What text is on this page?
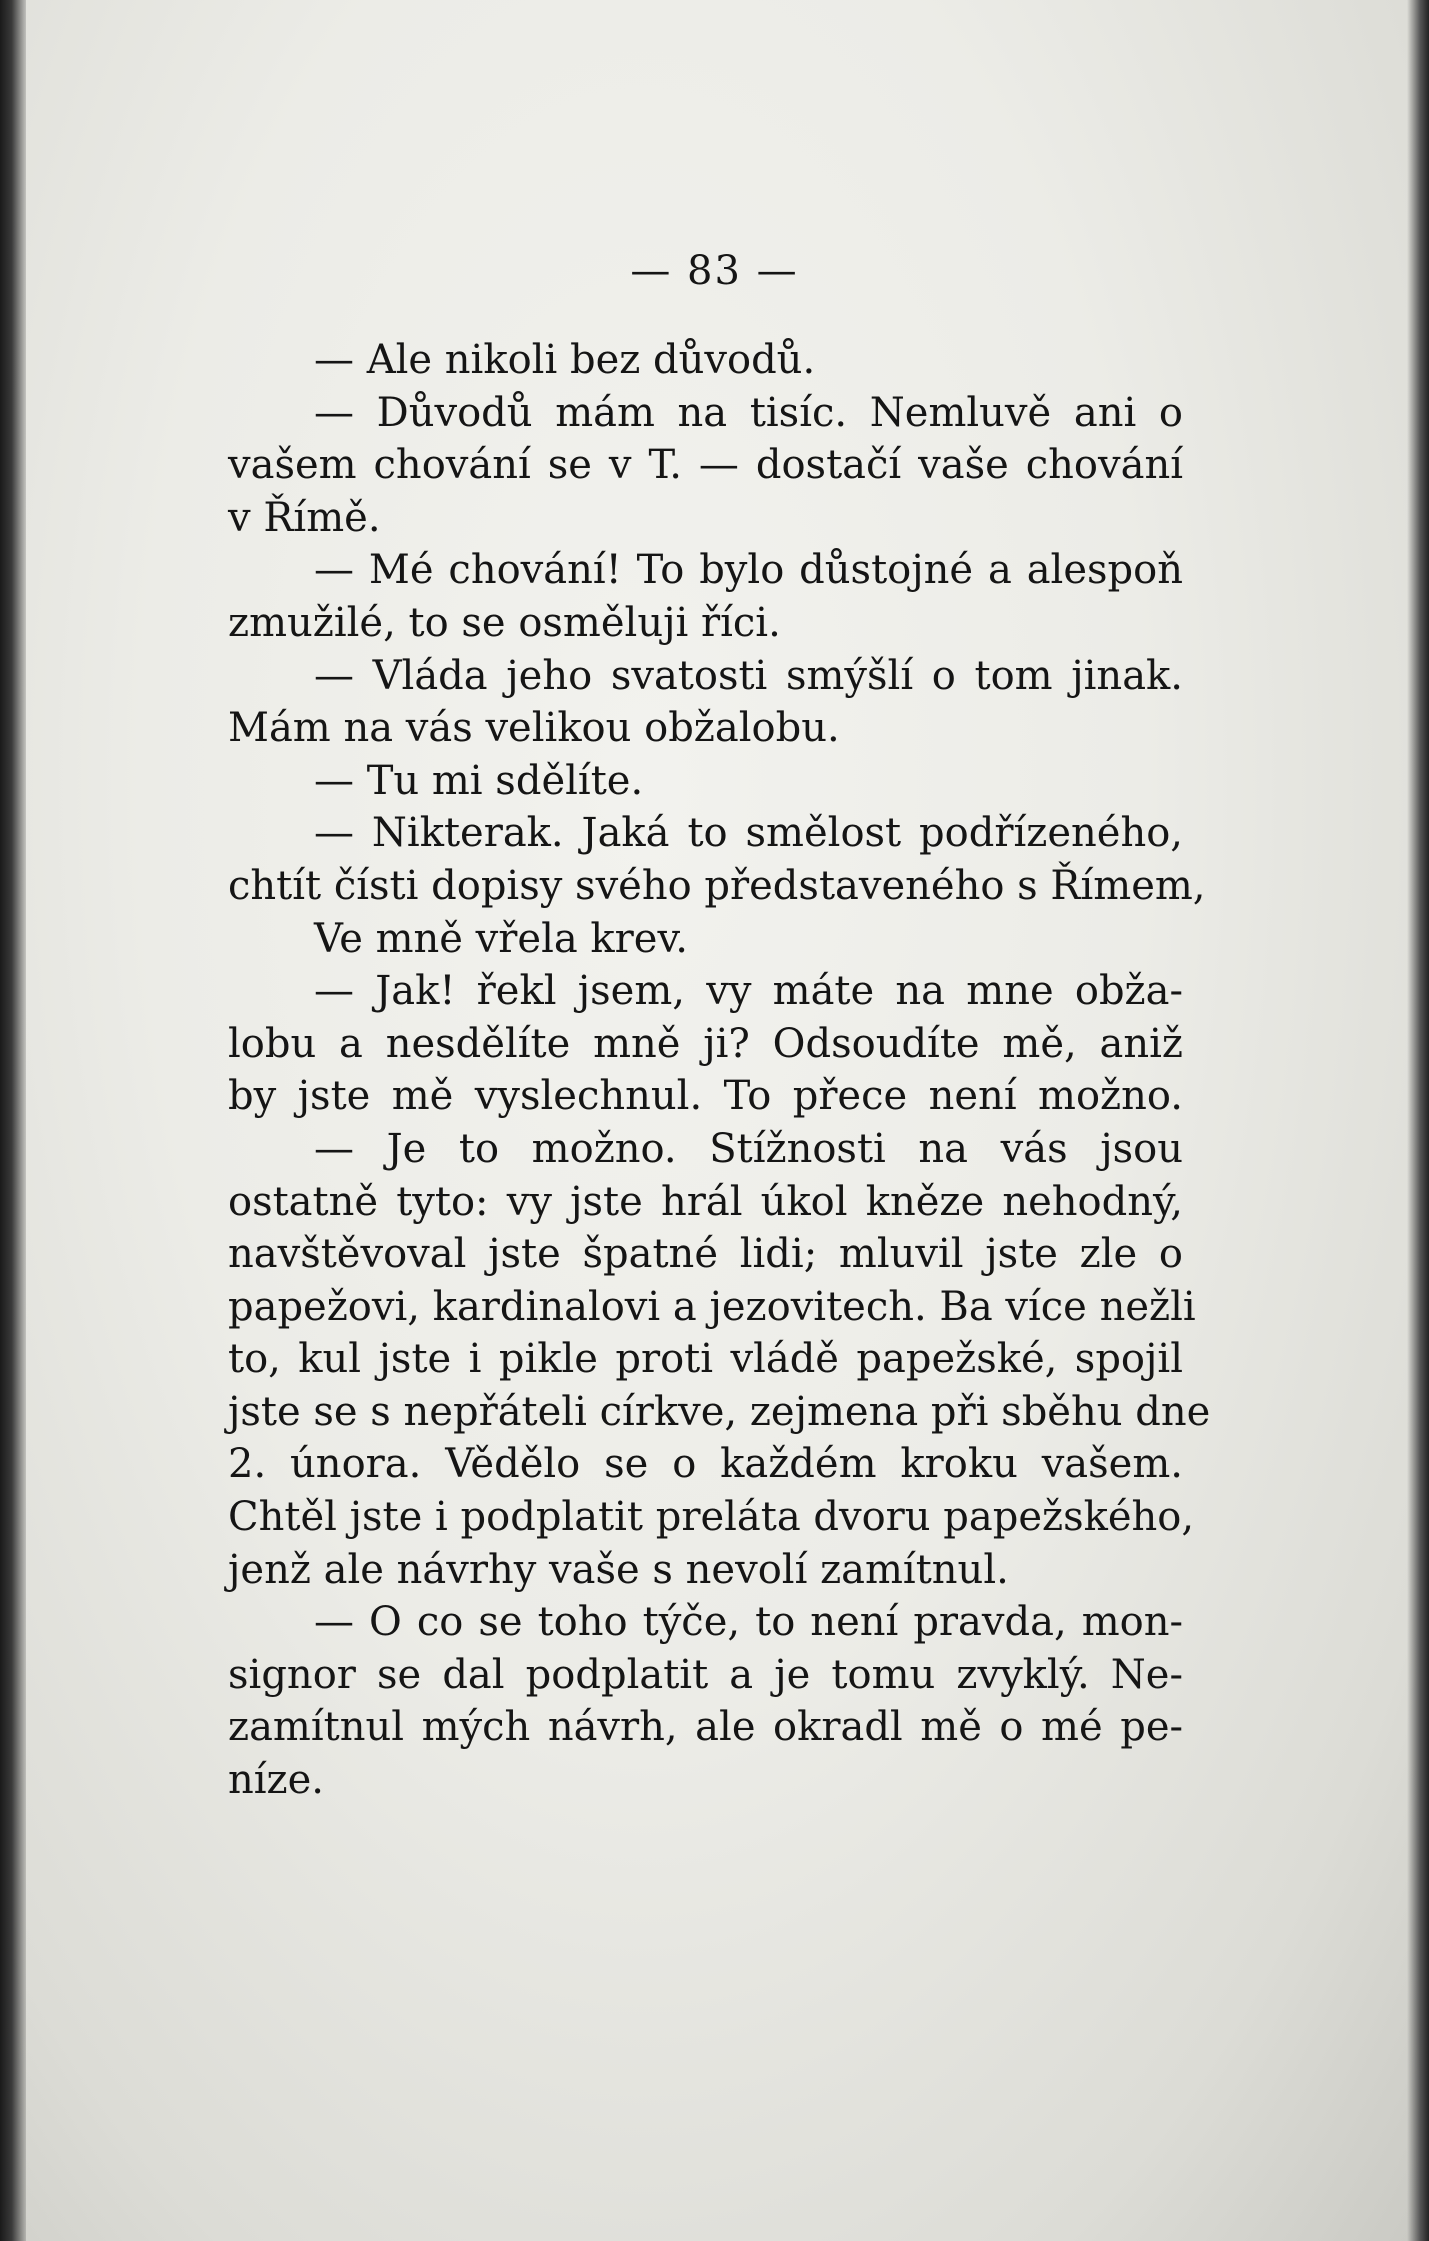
— 83 —
— Ale nikoli bez důvodů.
— Důvodů mám na tisíc. Nemluvě ani o
vašem chování se v T. — dostačí vaše chování
v Římě.
— Mé chování! To bylo důstojné a alespoň
zmužilé, to se osměluji říci.
— Vláda jeho svatosti smýšlí o tom jinak.
Mám na vás velikou obžalobu.
— Tu mi sdělíte.
— Nikterak. Jaká to smělost podřízeného,
chtít čísti dopisy svého představeného s Římem,
Ve mně vřela krev.
— Jak! řekl jsem, vy máte na mne obža-
lobu a nesdělíte mně ji? Odsoudíte mě, aniž
by jste mě vyslechnul. To přece není možno.
— Je to možno. Stížnosti na vás jsou
ostatně tyto: vy jste hrál úkol kněze nehodný,
navštěvoval jste špatné lidi; mluvil jste zle o
papežovi, kardinalovi a jezovitech. Ba více nežli
to, kul jste i pikle proti vládě papežské, spojil
jste se s nepřáteli církve, zejmena při sběhu dne
2. února. Vědělo se o každém kroku vašem.
Chtěl jste i podplatit preláta dvoru papežského,
jenž ale návrhy vaše s nevolí zamítnul.
— O co se toho týče, to není pravda, mon-
signor se dal podplatit a je tomu zvyklý. Ne-
zamítnul mých návrh, ale okradl mě o mé pe-
níze.
